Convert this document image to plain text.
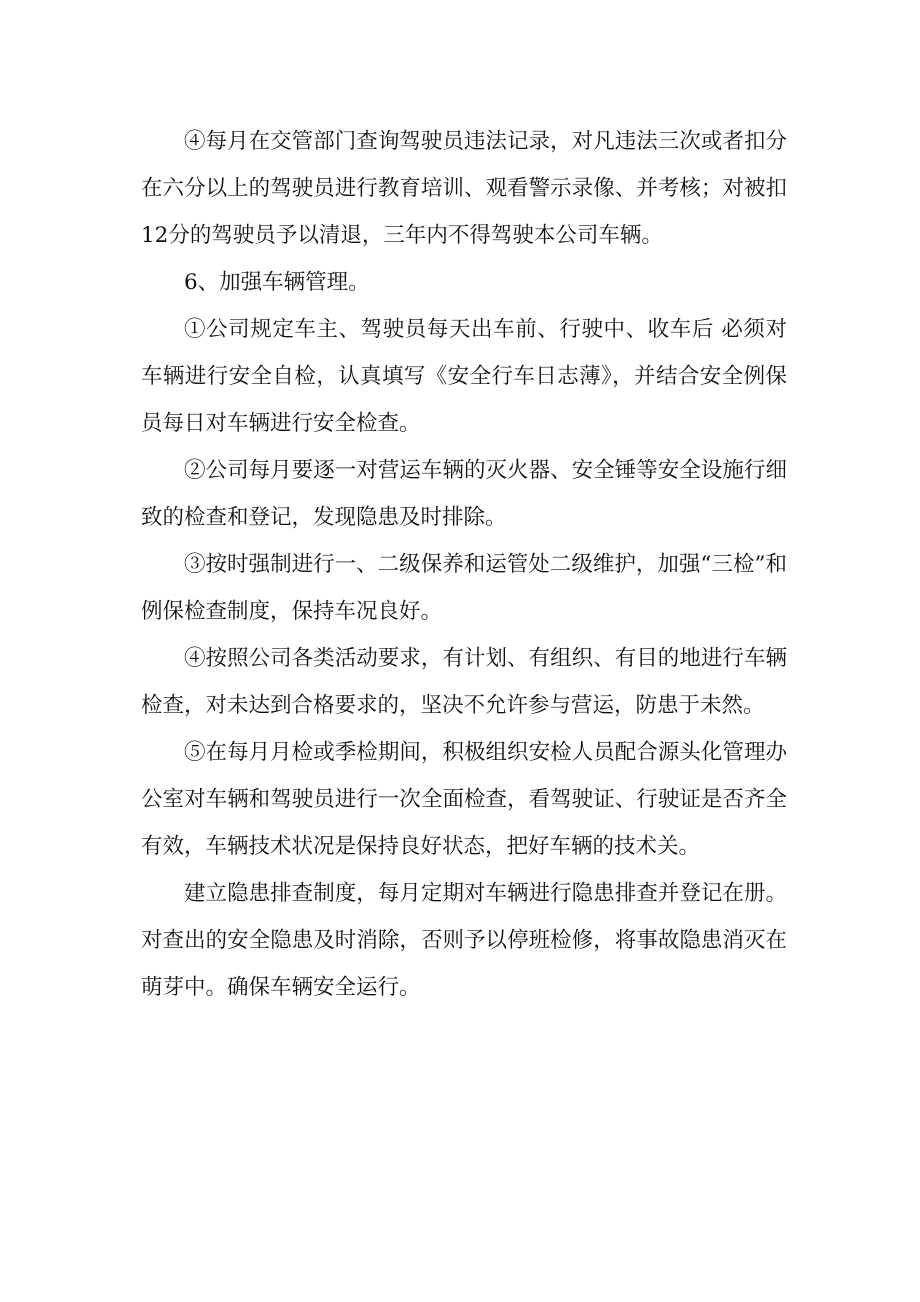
④每月在交管部门查询驾驶员违法记录，对凡违法三次或者扣分在六分以上的驾驶员进行教育培训、观看警示录像、并考核；对被扣12分的驾驶员予以清退，三年内不得驾驶本公司车辆。

6、加强车辆管理。

①公司规定车主、驾驶员每天出车前、行驶中、收车后 必须对车辆进行安全自检，认真填写《安全行车日志薄》，并结合安全例保员每日对车辆进行安全检查。

②公司每月要逐一对营运车辆的灭火器、安全锤等安全设施行细致的检查和登记，发现隐患及时排除。

③按时强制进行一、二级保养和运管处二级维护，加强“三检”和例保检查制度，保持车况良好。

④按照公司各类活动要求，有计划、有组织、有目的地进行车辆检查，对未达到合格要求的，坚决不允许参与营运，防患于未然。

⑤在每月月检或季检期间，积极组织安检人员配合源头化管理办公室对车辆和驾驶员进行一次全面检查，看驾驶证、行驶证是否齐全有效，车辆技术状况是保持良好状态，把好车辆的技术关。

建立隐患排查制度，每月定期对车辆进行隐患排查并登记在册。对查出的安全隐患及时消除，否则予以停班检修，将事故隐患消灭在萌芽中。确保车辆安全运行。
